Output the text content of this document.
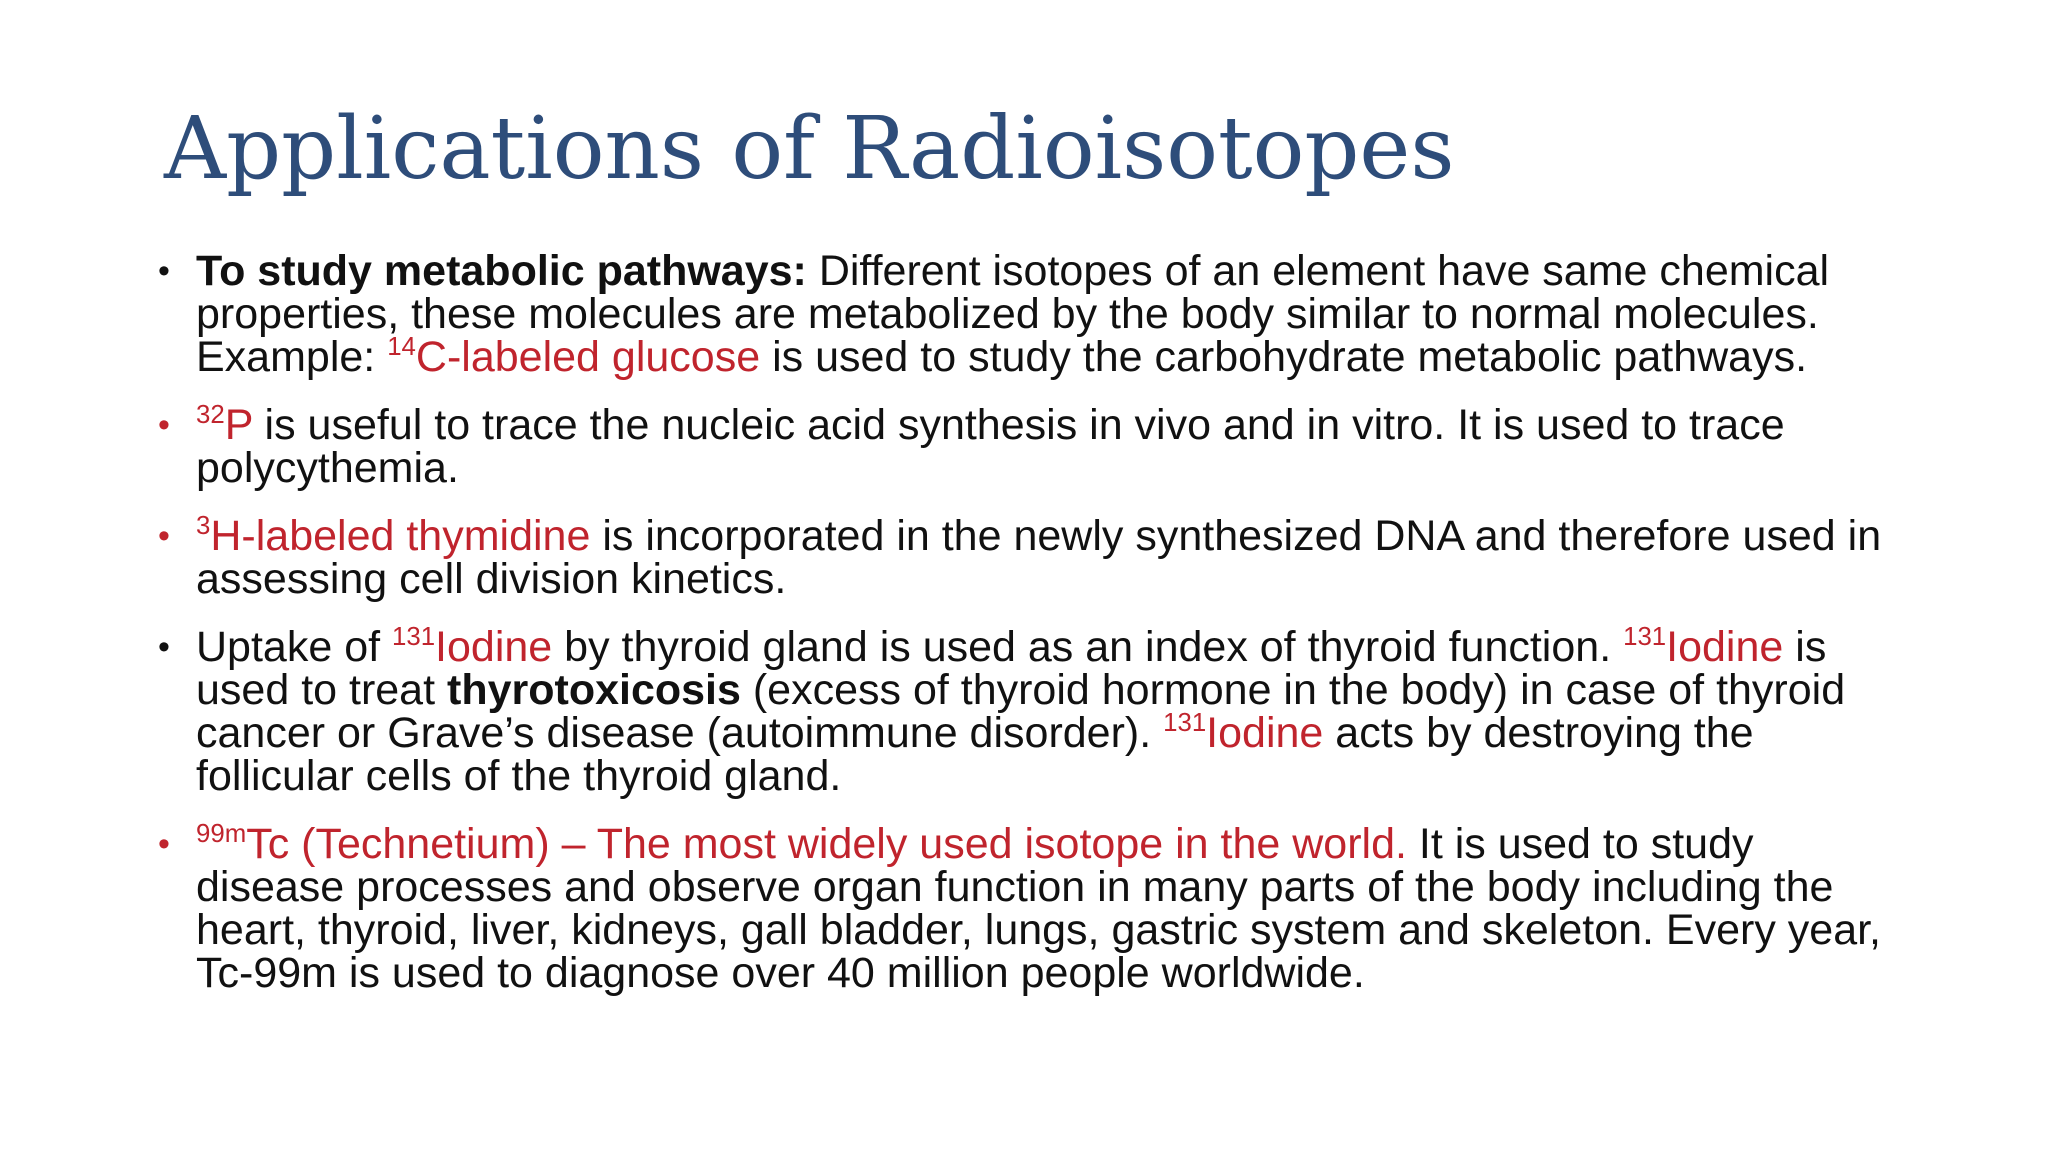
Applications of Radioisotopes
• To study metabolic pathways: Different isotopes of an element have same chemical properties, these molecules are metabolized by the body similar to normal molecules. Example: $^{14}$C-labeled glucose is used to study the carbohydrate metabolic pathways.
• $^{32}$P is useful to trace the nucleic acid synthesis in vivo and in vitro. It is used to trace polycythemia.
• $^3$H-labeled thymidine is incorporated in the newly synthesized DNA and therefore used in assessing cell division kinetics.
• Uptake of $^{131}$Iodine by thyroid gland is used as an index of thyroid function. $^{131}$Iodine is used to treat thyrotoxicosis (excess of thyroid hormone in the body) in case of thyroid cancer or Grave’s disease (autoimmune disorder). $^{131}$Iodine acts by destroying the follicular cells of the thyroid gland.
• $^{99m}$Tc (Technetium) – The most widely used isotope in the world. It is used to study disease processes and observe organ function in many parts of the body including the heart, thyroid, liver, kidneys, gall bladder, lungs, gastric system and skeleton. Every year, Tc-99m is used to diagnose over 40 million people worldwide.
